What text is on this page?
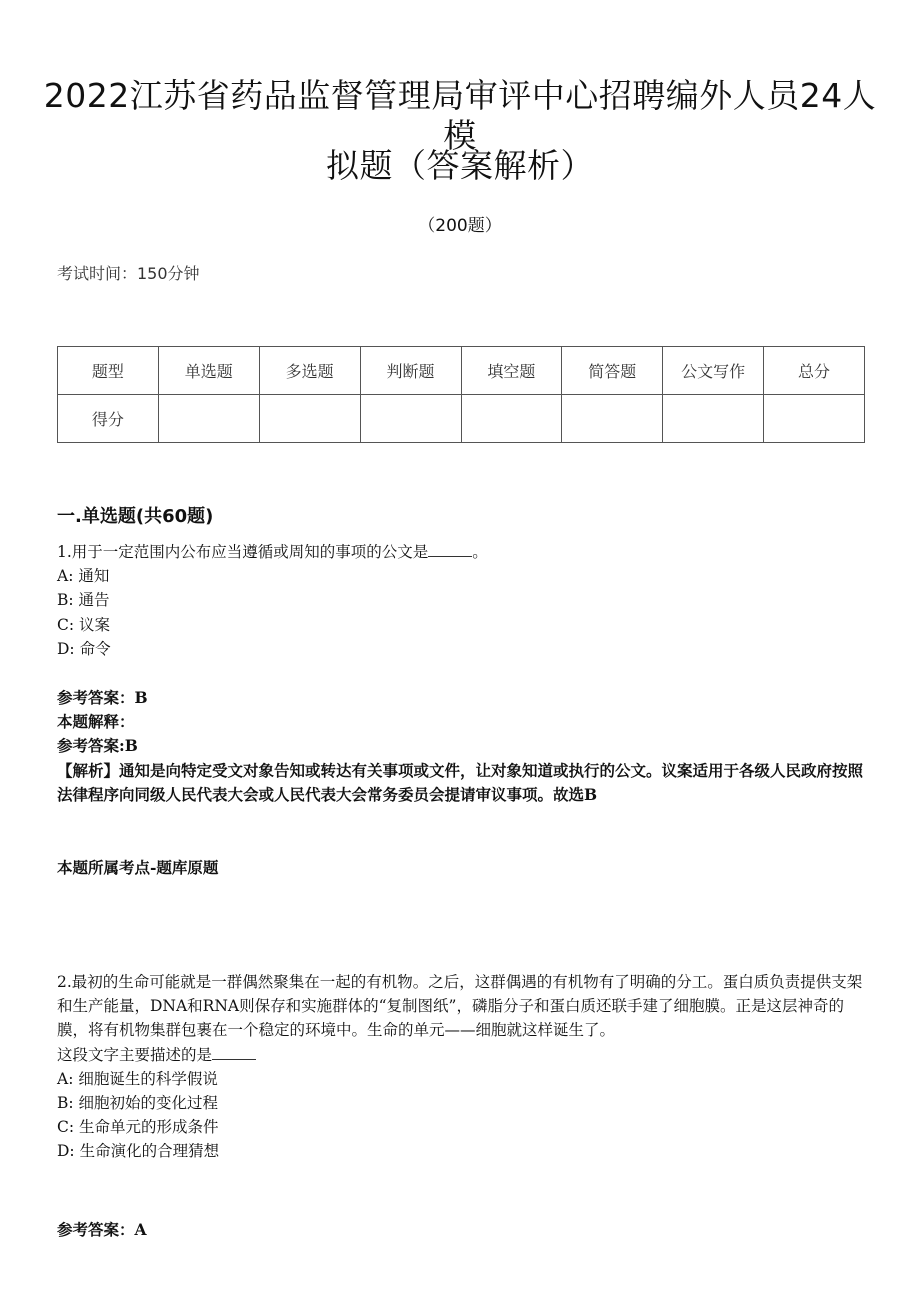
2022江苏省药品监督管理局审评中心招聘编外人员24人模
拟题（答案解析）
（200题）
考试时间：150分钟
题型	单选题	多选题	判断题	填空题	简答题	公文写作	总分
得分							
一.单选题(共60题)
1.用于一定范围内公布应当遵循或周知的事项的公文是	。
A: 通知
B: 通告
C: 议案
D: 命令
参考答案：B
本题解释：
参考答案:B
【解析】通知是向特定受文对象告知或转达有关事项或文件，让对象知道或执行的公文。议案适用于各级人民政府按照法律程序向同级人民代表大会或人民代表大会常务委员会提请审议事项。故选B
本题所属考点-题库原题
2.最初的生命可能就是一群偶然聚集在一起的有机物。之后，这群偶遇的有机物有了明确的分工。蛋白质负责提供支架和生产能量，DNA和RNA则保存和实施群体的“复制图纸”，磷脂分子和蛋白质还联手建了细胞膜。正是这层神奇的膜，将有机物集群包裹在一个稳定的环境中。生命的单元——细胞就这样诞生了。
这段文字主要描述的是
A: 细胞诞生的科学假说
B: 细胞初始的变化过程
C: 生命单元的形成条件
D: 生命演化的合理猜想
参考答案：A
